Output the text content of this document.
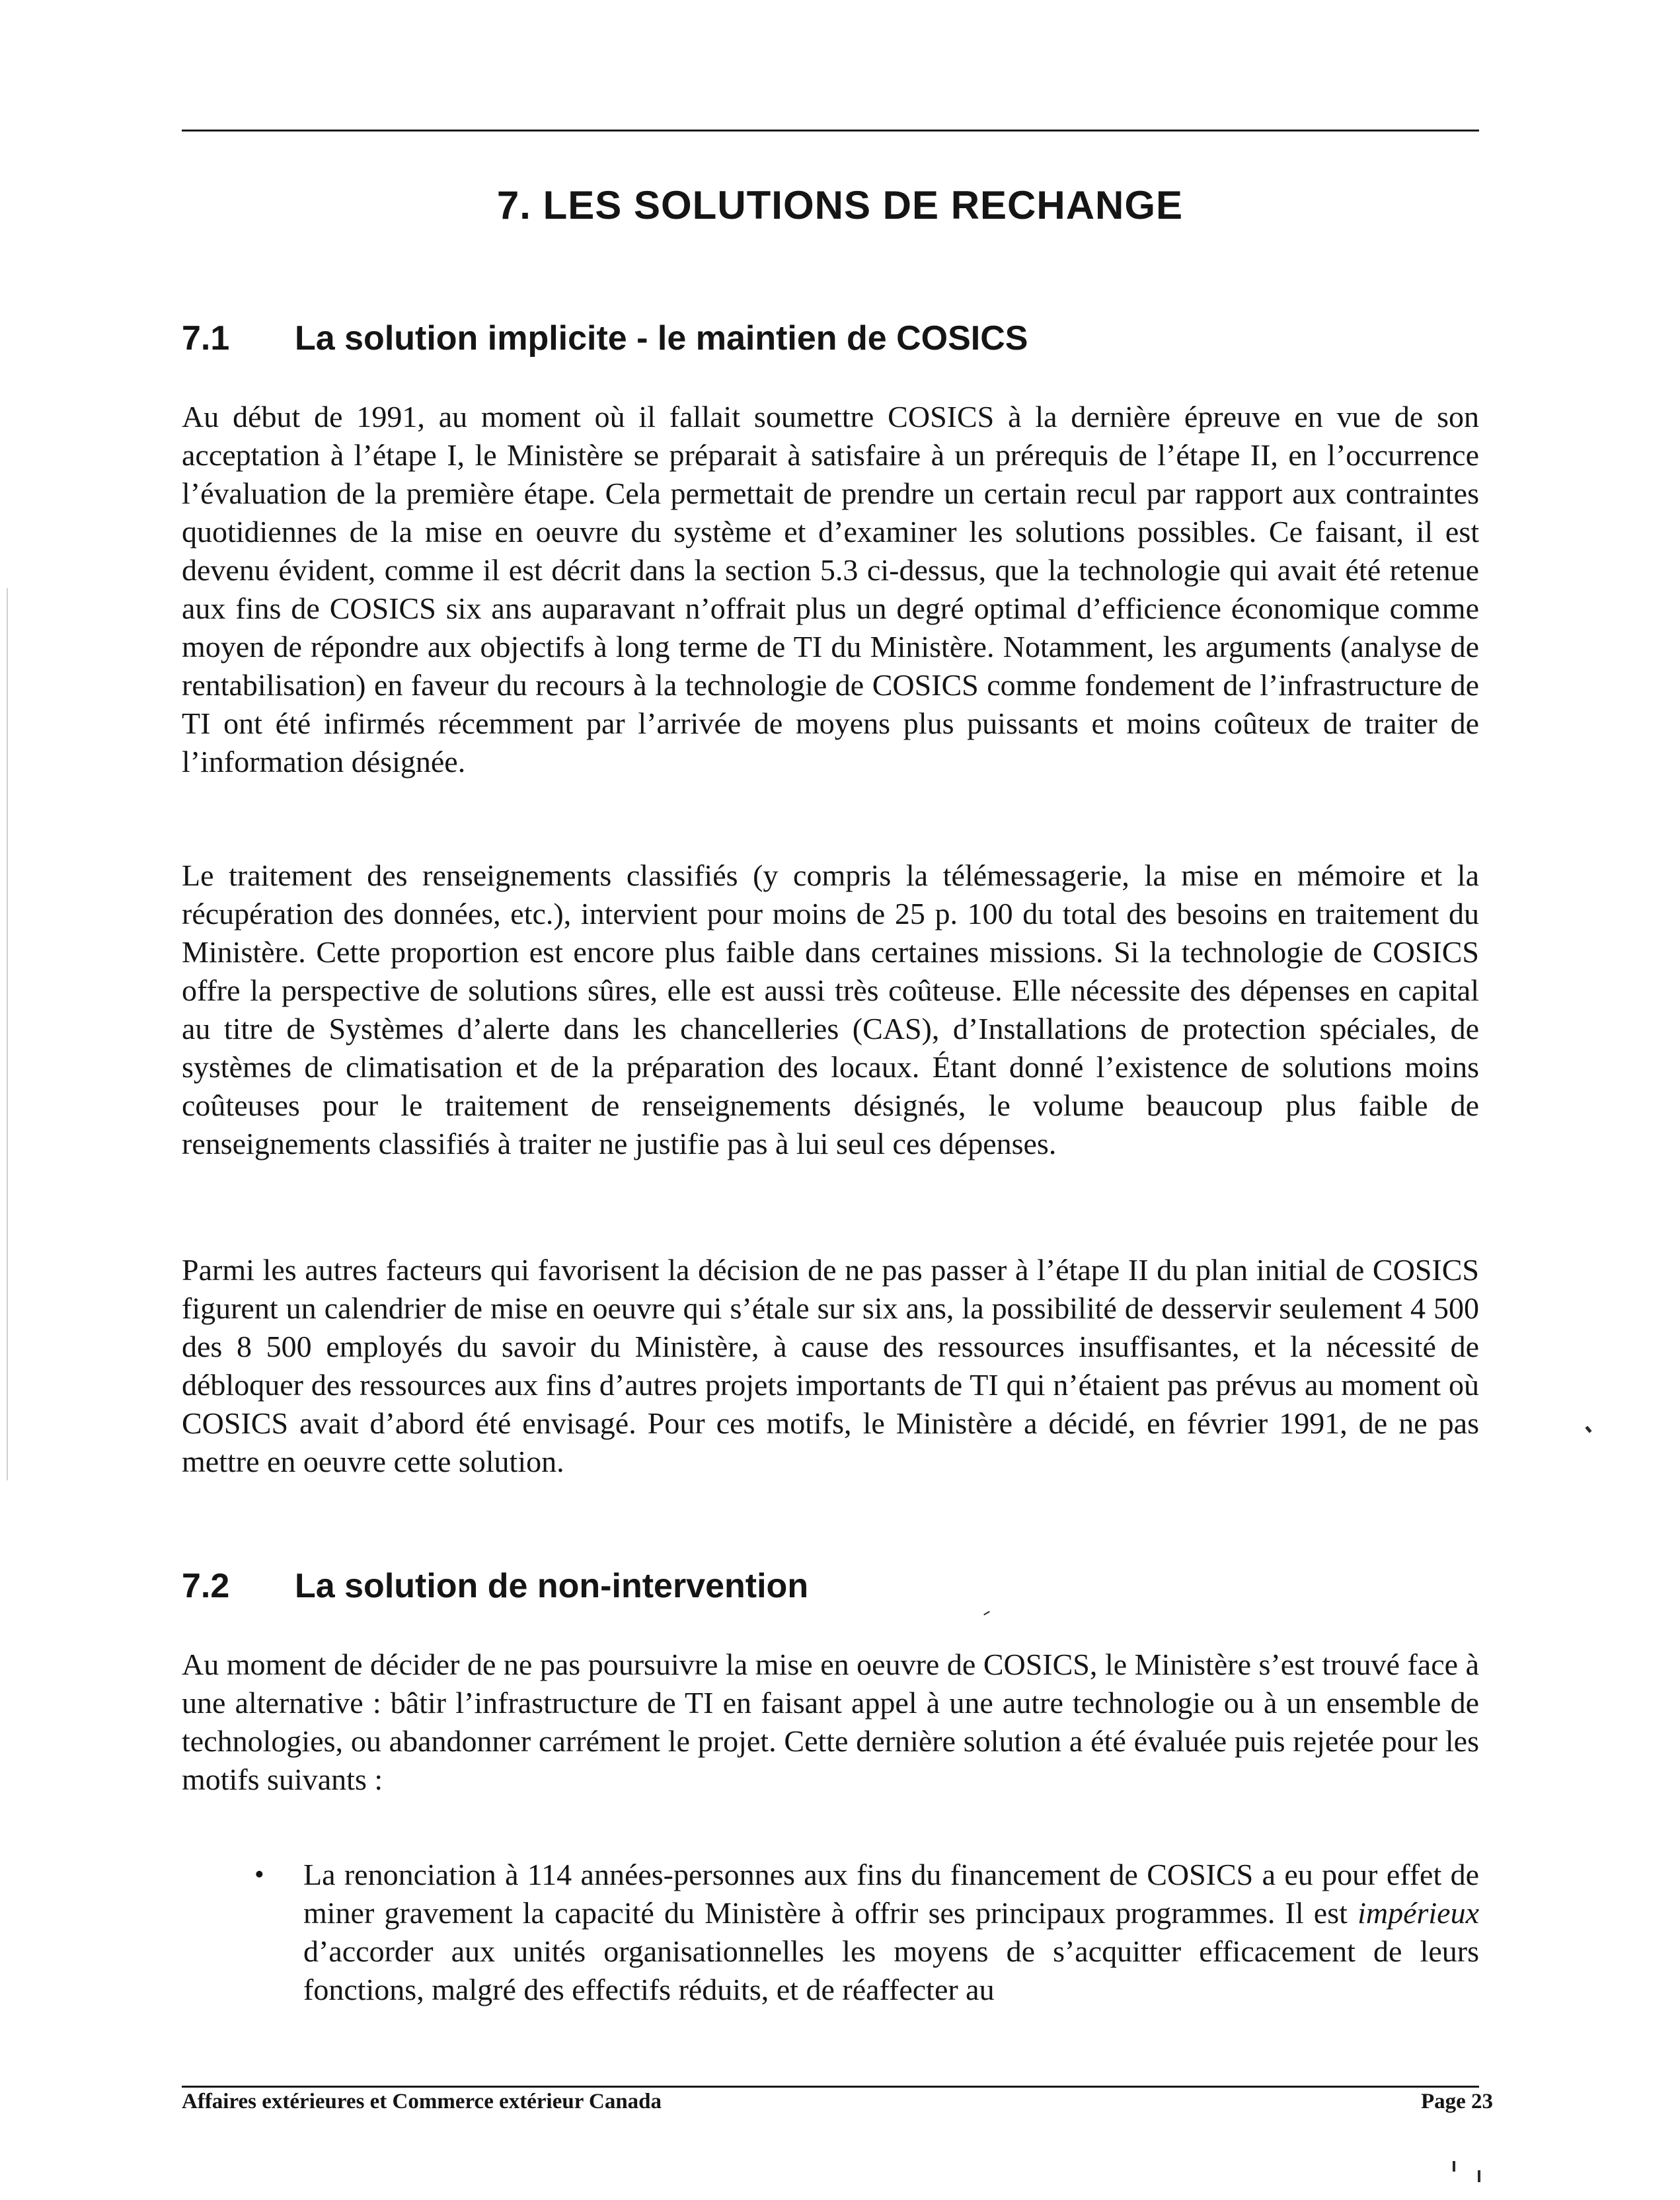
7. LES SOLUTIONS DE RECHANGE
7.1 La solution implicite - le maintien de COSICS

Au début de 1991, au moment où il fallait soumettre COSICS à la dernière épreuve en vue de son acceptation à l’étape I, le Ministère se préparait à satisfaire à un prérequis de l’étape II, en l’occurrence l’évaluation de la première étape. Cela permettait de prendre un certain recul par rapport aux contraintes quotidiennes de la mise en oeuvre du système et d’examiner les solutions possibles. Ce faisant, il est devenu évident, comme il est décrit dans la section 5.3 ci-dessus, que la technologie qui avait été retenue aux fins de COSICS six ans auparavant n’offrait plus un degré optimal d’efficience économique comme moyen de répondre aux objectifs à long terme de TI du Ministère. Notamment, les arguments (analyse de rentabilisation) en faveur du recours à la technologie de COSICS comme fondement de l’infrastructure de TI ont été infirmés récemment par l’arrivée de moyens plus puissants et moins coûteux de traiter de l’information désignée.

Le traitement des renseignements classifiés (y compris la télémessagerie, la mise en mémoire et la récupération des données, etc.), intervient pour moins de 25 p. 100 du total des besoins en traitement du Ministère. Cette proportion est encore plus faible dans certaines missions. Si la technologie de COSICS offre la perspective de solutions sûres, elle est aussi très coûteuse. Elle nécessite des dépenses en capital au titre de Systèmes d’alerte dans les chancelleries (CAS), d’Installations de protection spéciales, de systèmes de climatisation et de la préparation des locaux. Étant donné l’existence de solutions moins coûteuses pour le traitement de renseignements désignés, le volume beaucoup plus faible de renseignements classifiés à traiter ne justifie pas à lui seul ces dépenses.

Parmi les autres facteurs qui favorisent la décision de ne pas passer à l’étape II du plan initial de COSICS figurent un calendrier de mise en oeuvre qui s’étale sur six ans, la possibilité de desservir seulement 4 500 des 8 500 employés du savoir du Ministère, à cause des ressources insuffisantes, et la nécessité de débloquer des ressources aux fins d’autres projets importants de TI qui n’étaient pas prévus au moment où COSICS avait d’abord été envisagé. Pour ces motifs, le Ministère a décidé, en février 1991, de ne pas mettre en oeuvre cette solution.

7.2 La solution de non-intervention

Au moment de décider de ne pas poursuivre la mise en oeuvre de COSICS, le Ministère s’est trouvé face à une alternative : bâtir l’infrastructure de TI en faisant appel à une autre technologie ou à un ensemble de technologies, ou abandonner carrément le projet. Cette dernière solution a été évaluée puis rejetée pour les motifs suivants :

• La renonciation à 114 années-personnes aux fins du financement de COSICS a eu pour effet de miner gravement la capacité du Ministère à offrir ses principaux programmes. Il est impérieux d’accorder aux unités organisationnelles les moyens de s’acquitter efficacement de leurs fonctions, malgré des effectifs réduits, et de réaffecter au

Affaires extérieures et Commerce extérieur Canada	Page 23
